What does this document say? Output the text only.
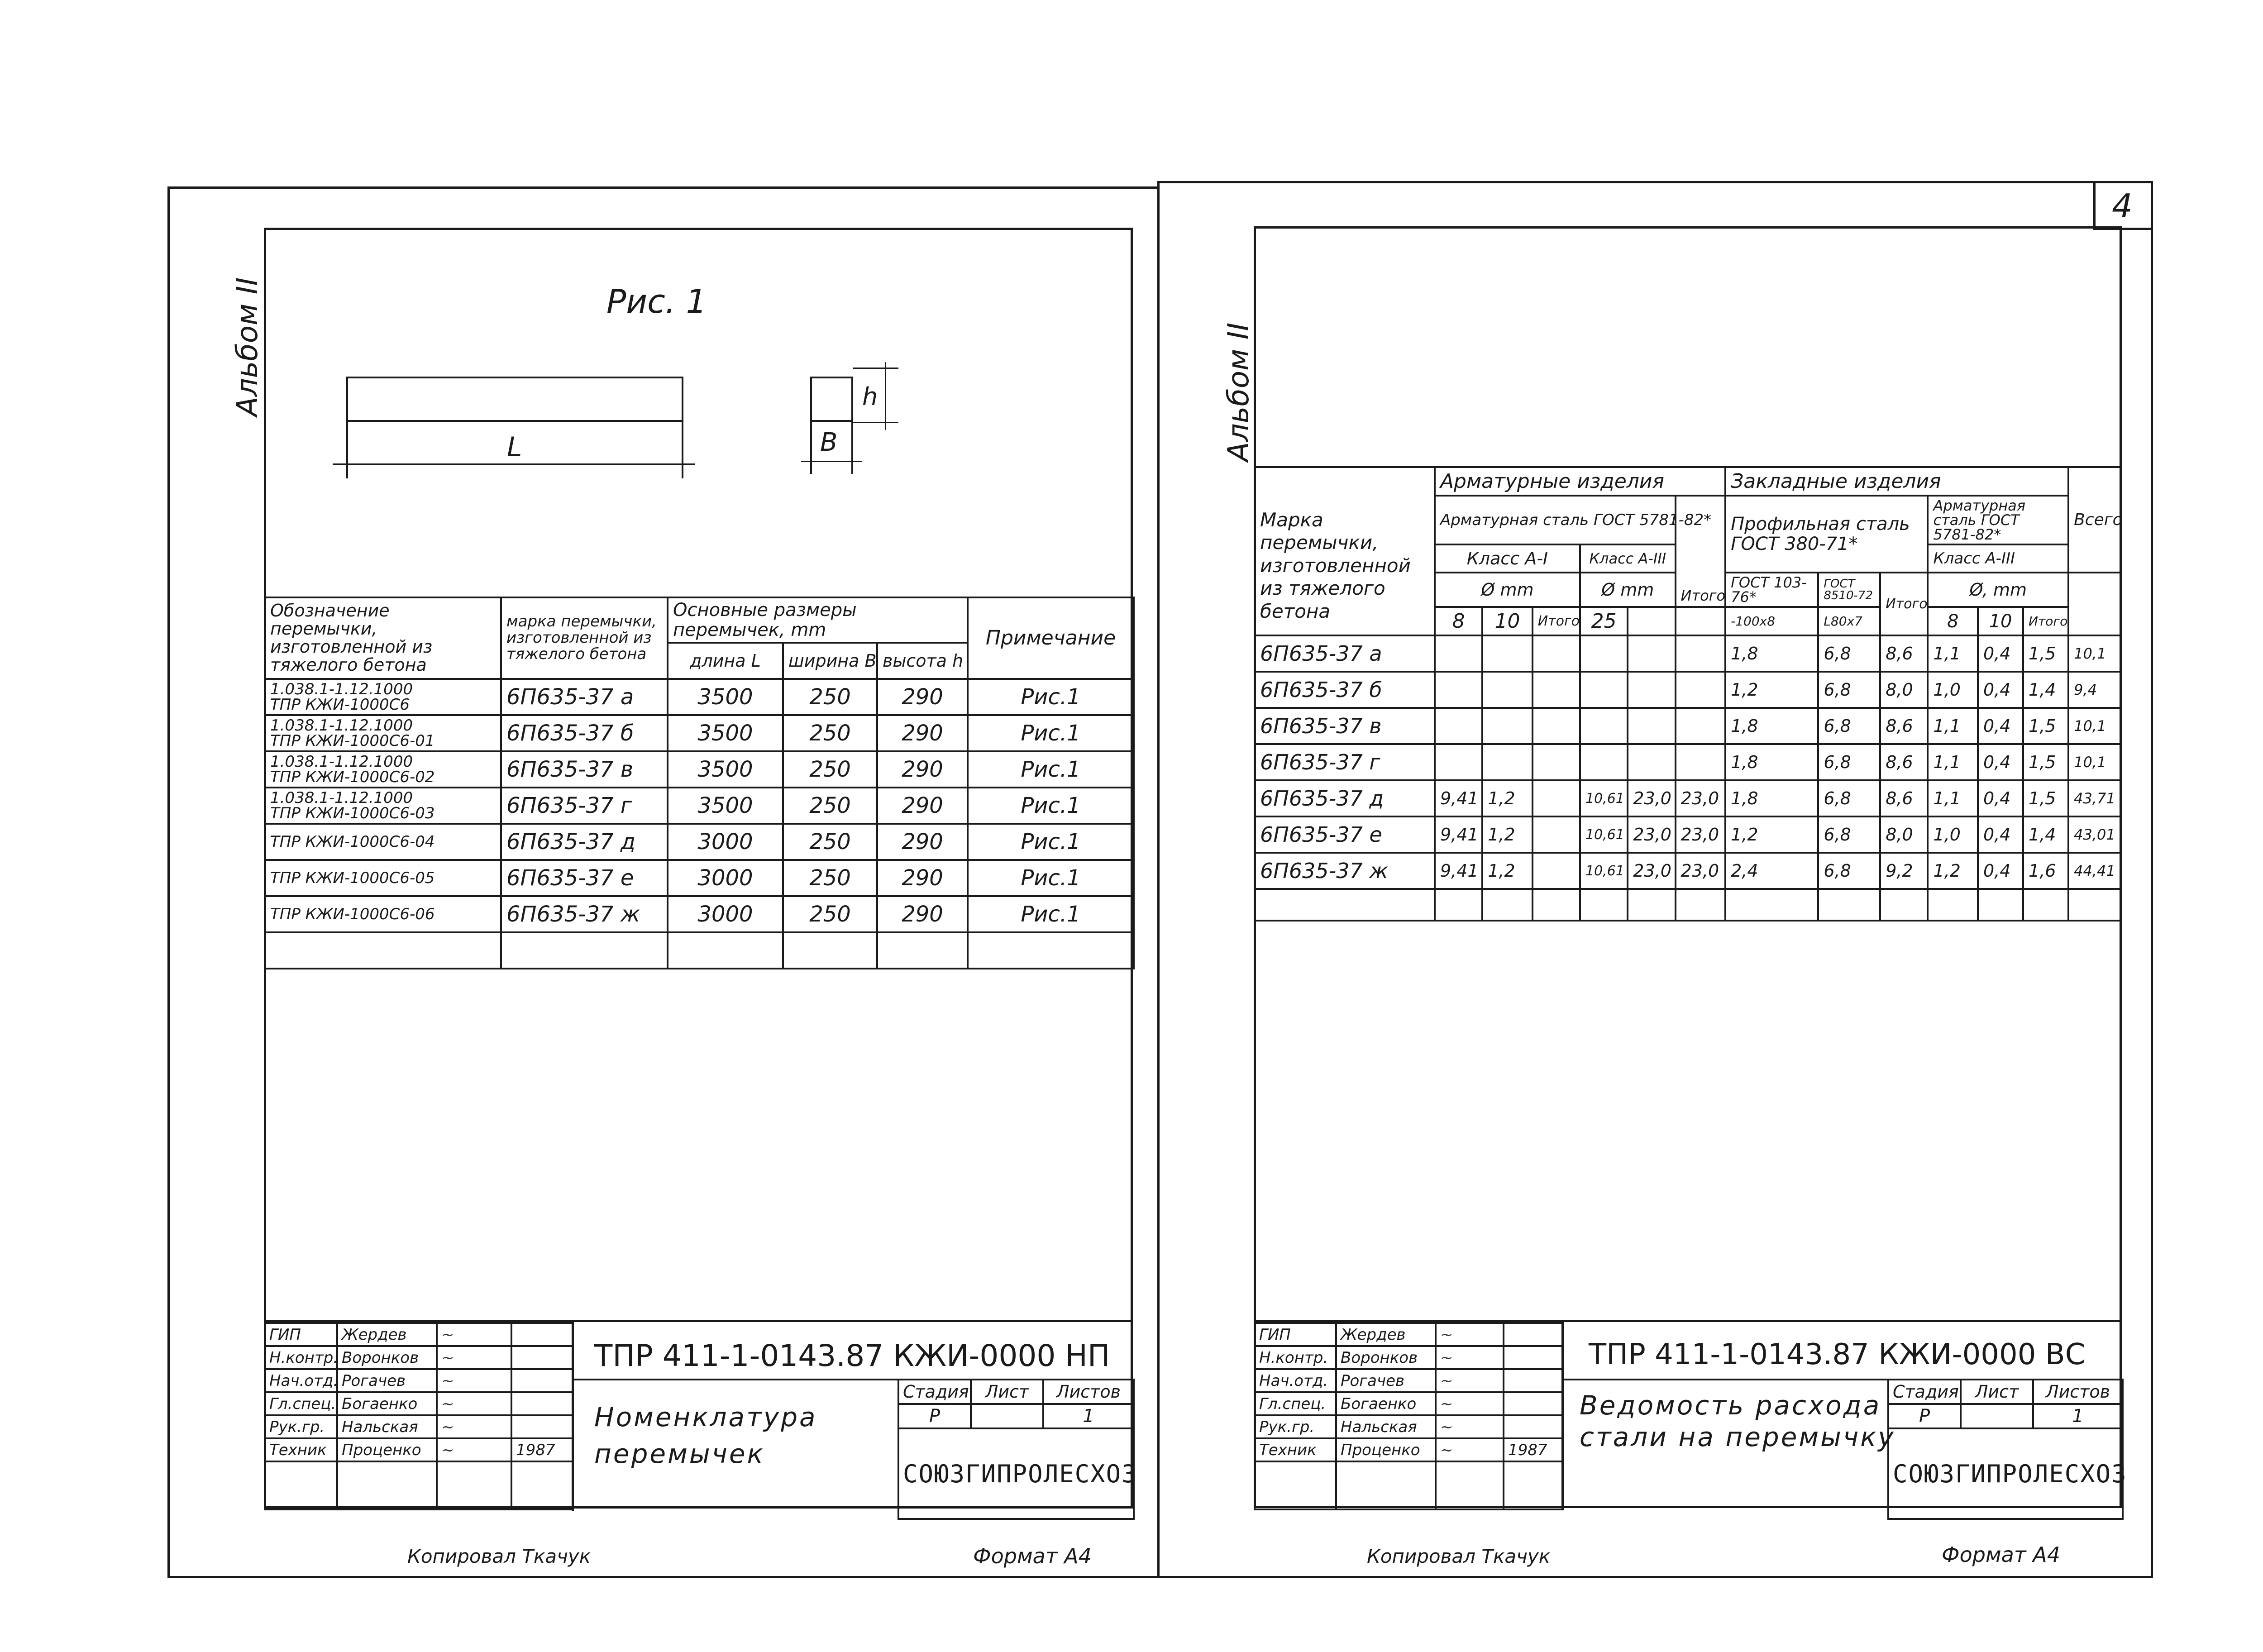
4
Альбом II	Рис. 1
L	B
h
Обозначение перемычки, изготовленной из тяжелого бетона	марка перемычки, изготовленной из тяжелого бетона	Основные размеры перемычек, mm			Примечание
		длина L	ширина B	высота h	

1.038.1-1.12.1000
ТПР КЖИ-1000С6	6П635-37 а	3500	250	290	Рис.1

1.038.1-1.12.1000
ТПР КЖИ-1000С6-01	6П635-37 б	3500	250	290	Рис.1

1.038.1-1.12.1000
ТПР КЖИ-1000С6-02	6П635-37 в	3500	250	290	Рис.1

1.038.1-1.12.1000
ТПР КЖИ-1000С6-03	6П635-37 г	3500	250	290	Рис.1

ТПР КЖИ-1000С6-04	6П635-37 д	3000	250	290	Рис.1

ТПР КЖИ-1000С6-05	6П635-37 е	3000	250	290	Рис.1

ТПР КЖИ-1000С6-06	6П635-37 ж	3000	250	290	Рис.1

ГИП	Жердев	~	
Н.контр.	Воронков	~	
Нач.отд.	Рогачев	~	
Гл.спец.	Богаенко	~	
Рук.гр.	Нальская	~	
Техник	Проценко	~	1987

ТПР 411-1-0143.87 КЖИ-0000 НП
Номенклатура перемычек
Стадия	Лист	Листов
Р		1
СОЮЗГИПРОЛЕСХОЗ		
Копировал Ткачук	Формат А4
Альбом II
Марка перемычки, изготовленной из тяжелого бетона	Арматурные изделия						Закладные изделия						Всего
	Арматурная сталь ГОСТ 5781-82*					Итого	Профильная сталь ГОСТ 380-71*			Арматурная сталь ГОСТ 5781-82*			
	Класс А-I			Класс А-III						Класс А-III			
	Ø mm			Ø mm			ГОСТ 103-76*	ГОСТ 8510-72	Итого	Ø, mm			
	8	10	Итого	25			-100х8	L80х7		8	10	Итого	
6П635-37 а							1,8	6,8	8,6	1,1	0,4	1,5	10,1
6П635-37 б							1,2	6,8	8,0	1,0	0,4	1,4	9,4
6П635-37 в							1,8	6,8	8,6	1,1	0,4	1,5	10,1
6П635-37 г							1,8	6,8	8,6	1,1	0,4	1,5	10,1
6П635-37 д	9,41	1,2		10,61	23,0	23,0	1,8	6,8	8,6	1,1	0,4	1,5	43,71
6П635-37 е	9,41	1,2		10,61	23,0	23,0	1,2	6,8	8,0	1,0	0,4	1,4	43,01
6П635-37 ж	9,41	1,2		10,61	23,0	23,0	2,4	6,8	9,2	1,2	0,4	1,6	44,41

ГИП	Жердев	~	
Н.контр.	Воронков	~	
Нач.отд.	Рогачев	~	
Гл.спец.	Богаенко	~	
Рук.гр.	Нальская	~	
Техник	Проценко	~	1987

ТПР 411-1-0143.87 КЖИ-0000 ВС
Ведомость расхода стали на перемычку
Стадия	Лист	Листов
Р		1
СОЮЗГИПРОЛЕСХОЗ		
Копировал Ткачук	Формат А4
